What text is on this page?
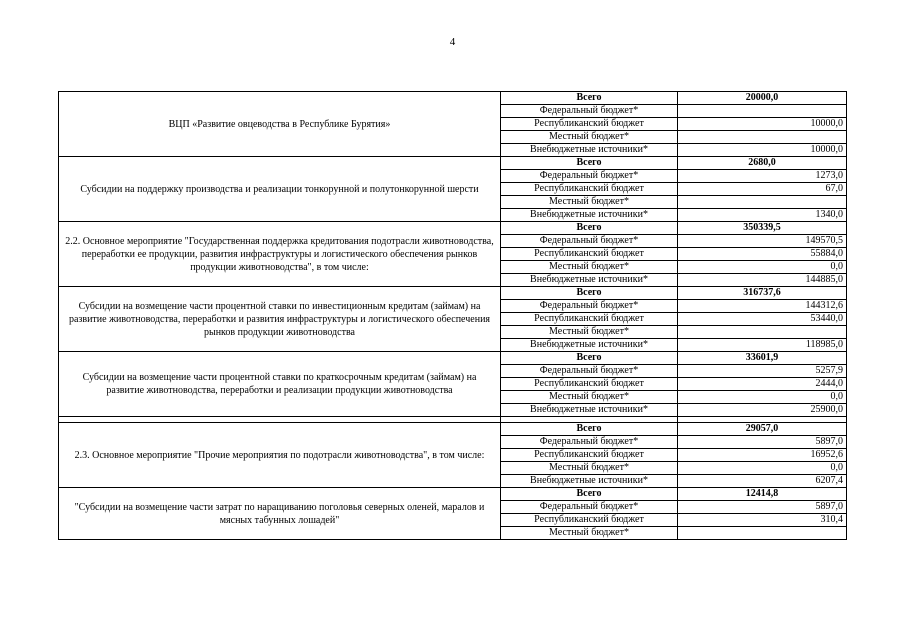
4
ВЦП «Развитие овцеводства в Республике Бурятия»	Всего	20000,0
	Федеральный бюджет*	
	Республиканский бюджет	10000,0
	Местный бюджет*	
	Внебюджетные источники*	10000,0
Субсидии на поддержку производства и реализации тонкорунной и полутонкорунной шерсти	Всего	2680,0
	Федеральный бюджет*	1273,0
	Республиканский бюджет	67,0
	Местный бюджет*	
	Внебюджетные источники*	1340,0
2.2. Основное мероприятие "Государственная поддержка кредитования подотрасли животноводства, переработки ее продукции, развития инфраструктуры и логистического обеспечения рынков продукции животноводства", в том числе:	Всего	350339,5
	Федеральный бюджет*	149570,5
	Республиканский бюджет	55884,0
	Местный бюджет*	0,0
	Внебюджетные источники*	144885,0
Субсидии на возмещение части процентной ставки по инвестиционным кредитам (займам) на развитие животноводства, переработки и развития инфраструктуры и логистического обеспечения рынков продукции животноводства	Всего	316737,6
	Федеральный бюджет*	144312,6
	Республиканский бюджет	53440,0
	Местный бюджет*	
	Внебюджетные источники*	118985,0
Субсидии на возмещение части процентной ставки по краткосрочным кредитам (займам) на развитие животноводства, переработки и реализации продукции животноводства	Всего	33601,9
	Федеральный бюджет*	5257,9
	Республиканский бюджет	2444,0
	Местный бюджет*	0,0
	Внебюджетные источники*	25900,0

2.3. Основное мероприятие "Прочие мероприятия по подотрасли животноводства", в том числе:	Всего	29057,0
	Федеральный бюджет*	5897,0
	Республиканский бюджет	16952,6
	Местный бюджет*	0,0
	Внебюджетные источники*	6207,4
"Субсидии на возмещение части затрат по наращиванию поголовья северных оленей, маралов и мясных табунных лошадей"	Всего	12414,8
	Федеральный бюджет*	5897,0
	Республиканский бюджет	310,4
	Местный бюджет*	
